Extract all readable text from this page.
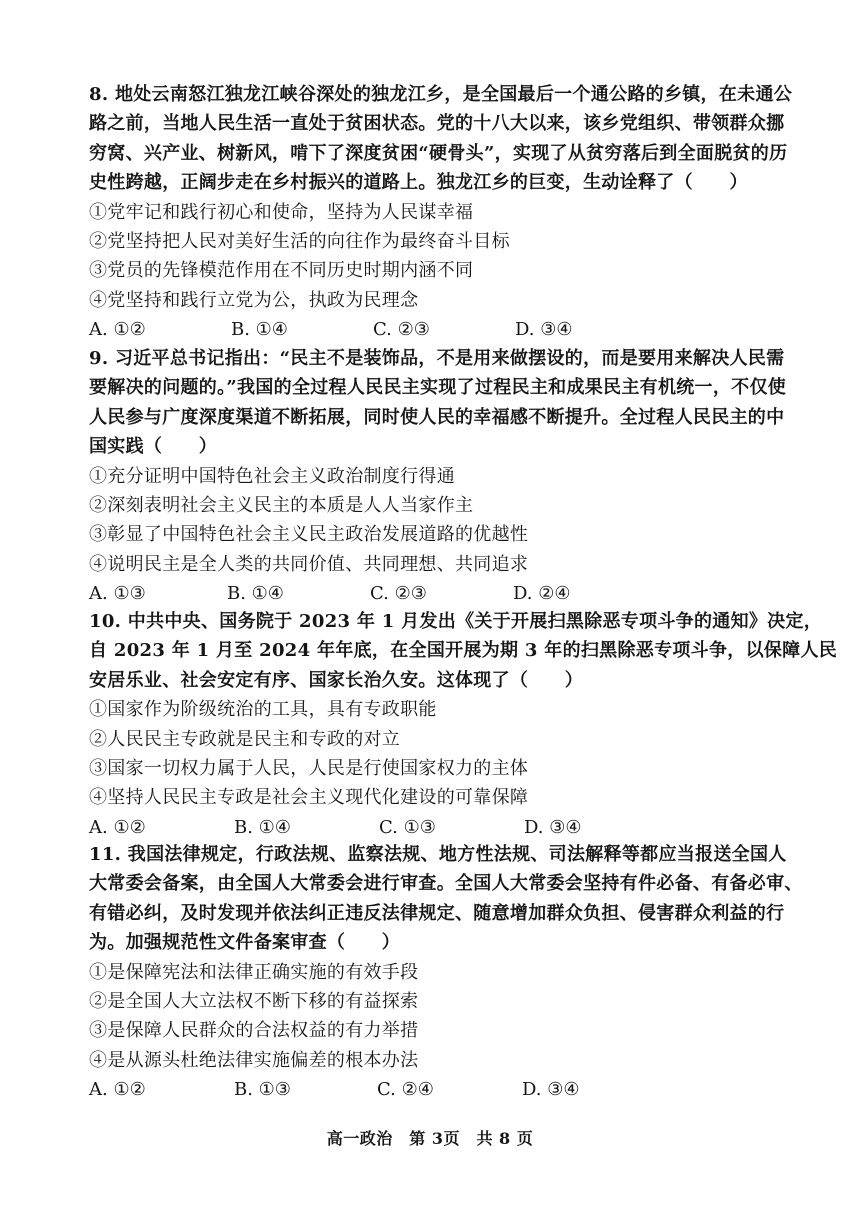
8. 地处云南怒江独龙江峡谷深处的独龙江乡，是全国最后一个通公路的乡镇，在未通公
路之前，当地人民生活一直处于贫困状态。党的十八大以来，该乡党组织、带领群众挪
穷窝、兴产业、树新风，啃下了深度贫困“硬骨头”，实现了从贫穷落后到全面脱贫的历
史性跨越，正阔步走在乡村振兴的道路上。独龙江乡的巨变，生动诠释了（　　）
①党牢记和践行初心和使命，坚持为人民谋幸福
②党坚持把人民对美好生活的向往作为最终奋斗目标
③党员的先锋模范作用在不同历史时期内涵不同
④党坚持和践行立党为公，执政为民理念
A. ①②	B. ①④	C. ②③	D. ③④
9. 习近平总书记指出：“民主不是装饰品，不是用来做摆设的，而是要用来解决人民需
要解决的问题的。”我国的全过程人民民主实现了过程民主和成果民主有机统一，不仅使
人民参与广度深度渠道不断拓展，同时使人民的幸福感不断提升。全过程人民民主的中
国实践（　　）
①充分证明中国特色社会主义政治制度行得通
②深刻表明社会主义民主的本质是人人当家作主
③彰显了中国特色社会主义民主政治发展道路的优越性
④说明民主是全人类的共同价值、共同理想、共同追求
A. ①③	B. ①④	C. ②③	D. ②④
10. 中共中央、国务院于 2023 年 1 月发出《关于开展扫黑除恶专项斗争的通知》决定，
自 2023 年 1 月至 2024 年年底，在全国开展为期 3 年的扫黑除恶专项斗争，以保障人民
安居乐业、社会安定有序、国家长治久安。这体现了（　　）
①国家作为阶级统治的工具，具有专政职能
②人民民主专政就是民主和专政的对立
③国家一切权力属于人民，人民是行使国家权力的主体
④坚持人民民主专政是社会主义现代化建设的可靠保障
A. ①②	B. ①④	C. ①③	D. ③④
11. 我国法律规定，行政法规、监察法规、地方性法规、司法解释等都应当报送全国人
大常委会备案，由全国人大常委会进行审查。全国人大常委会坚持有件必备、有备必审、
有错必纠，及时发现并依法纠正违反法律规定、随意增加群众负担、侵害群众利益的行
为。加强规范性文件备案审查（　　）
①是保障宪法和法律正确实施的有效手段
②是全国人大立法权不断下移的有益探索
③是保障人民群众的合法权益的有力举措
④是从源头杜绝法律实施偏差的根本办法
A. ①②	B. ①③	C. ②④	D. ③④
高一政治　第 3页　共 8 页
